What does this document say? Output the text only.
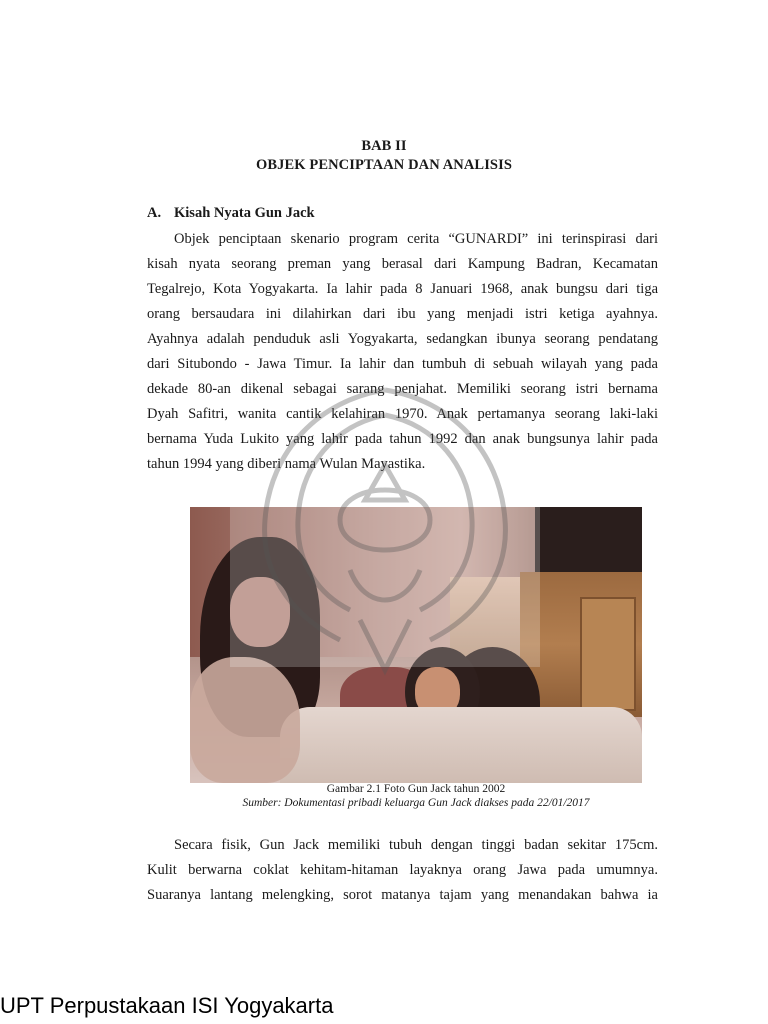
BAB II
OBJEK PENCIPTAAN DAN ANALISIS
A. Kisah Nyata Gun Jack
Objek penciptaan skenario program cerita “GUNARDI” ini terinspirasi dari
kisah nyata seorang preman yang berasal dari Kampung Badran, Kecamatan
Tegalrejo, Kota Yogyakarta. Ia lahir pada 8 Januari 1968, anak bungsu dari tiga
orang bersaudara ini dilahirkan dari ibu yang menjadi istri ketiga ayahnya.
Ayahnya adalah penduduk asli Yogyakarta, sedangkan ibunya seorang pendatang
dari Situbondo - Jawa Timur. Ia lahir dan tumbuh di sebuah wilayah yang pada
dekade 80-an dikenal sebagai sarang penjahat. Memiliki seorang istri bernama
Dyah Safitri, wanita cantik kelahiran 1970. Anak pertamanya seorang laki-laki
bernama Yuda Lukito yang lahir pada tahun 1992 dan anak bungsunya lahir pada
tahun 1994 yang diberi nama Wulan Mayastika.
Gambar 2.1 Foto Gun Jack tahun 2002
Sumber: Dokumentasi pribadi keluarga Gun Jack diakses pada 22/01/2017
Secara fisik, Gun Jack memiliki tubuh dengan tinggi badan sekitar 175cm.
Kulit berwarna coklat kehitam-hitaman layaknya orang Jawa pada umumnya.
Suaranya lantang melengking, sorot matanya tajam yang menandakan bahwa ia
UPT Perpustakaan ISI Yogyakarta
